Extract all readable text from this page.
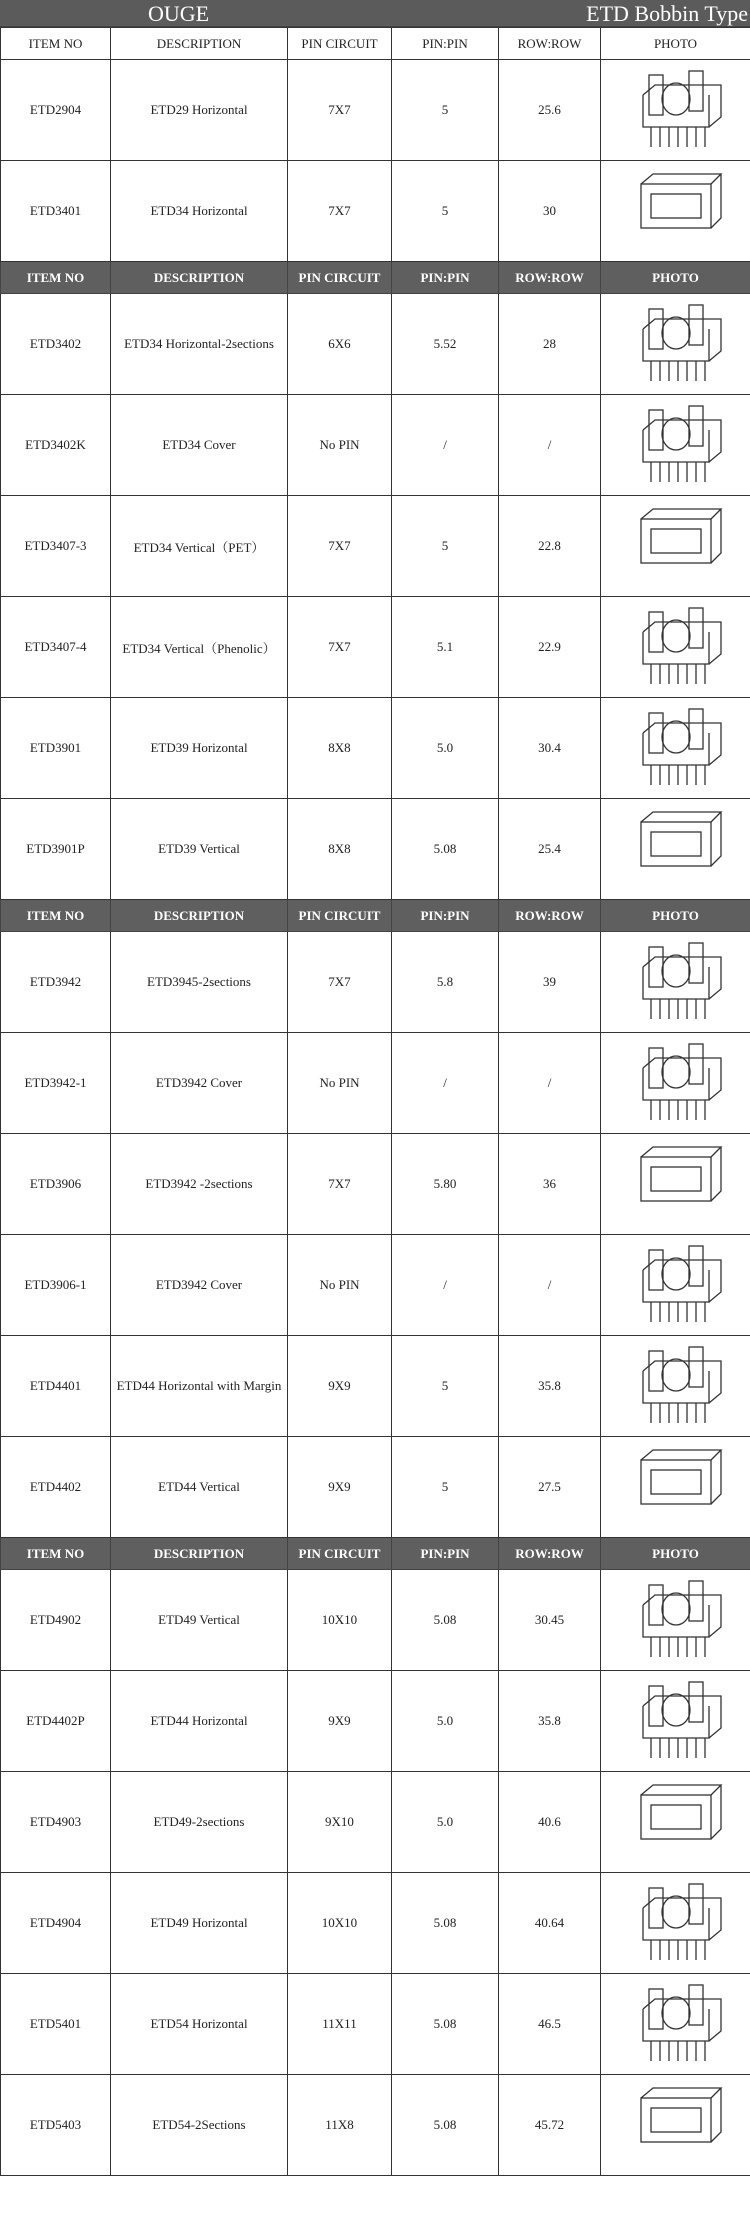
OUGE	ETD Bobbin Type
ITEM NO	DESCRIPTION	PIN CIRCUIT	PIN:PIN	ROW:ROW	PHOTO
ETD2904	ETD29 Horizontal	7X7	5	25.6	

ETD3401	ETD34 Horizontal	7X7	5	30	

ITEM NO	DESCRIPTION	PIN CIRCUIT	PIN:PIN	ROW:ROW	PHOTO
ETD3402	ETD34 Horizontal-2sections	6X6	5.52	28	

ETD3402K	ETD34 Cover	No PIN	/	/	

ETD3407-3	ETD34 Vertical（PET）	7X7	5	22.8	

ETD3407-4	ETD34 Vertical（Phenolic）	7X7	5.1	22.9	

ETD3901	ETD39 Horizontal	8X8	5.0	30.4	

ETD3901P	ETD39 Vertical	8X8	5.08	25.4	

ITEM NO	DESCRIPTION	PIN CIRCUIT	PIN:PIN	ROW:ROW	PHOTO
ETD3942	ETD3945-2sections	7X7	5.8	39	

ETD3942-1	ETD3942 Cover	No PIN	/	/	

ETD3906	ETD3942 -2sections	7X7	5.80	36	

ETD3906-1	ETD3942 Cover	No PIN	/	/	

ETD4401	ETD44 Horizontal with Margin	9X9	5	35.8	

ETD4402	ETD44 Vertical	9X9	5	27.5	

ITEM NO	DESCRIPTION	PIN CIRCUIT	PIN:PIN	ROW:ROW	PHOTO
ETD4902	ETD49 Vertical	10X10	5.08	30.45	

ETD4402P	ETD44 Horizontal	9X9	5.0	35.8	

ETD4903	ETD49-2sections	9X10	5.0	40.6	

ETD4904	ETD49 Horizontal	10X10	5.08	40.64	

ETD5401	ETD54 Horizontal	11X11	5.08	46.5	

ETD5403	ETD54-2Sections	11X8	5.08	45.72	
